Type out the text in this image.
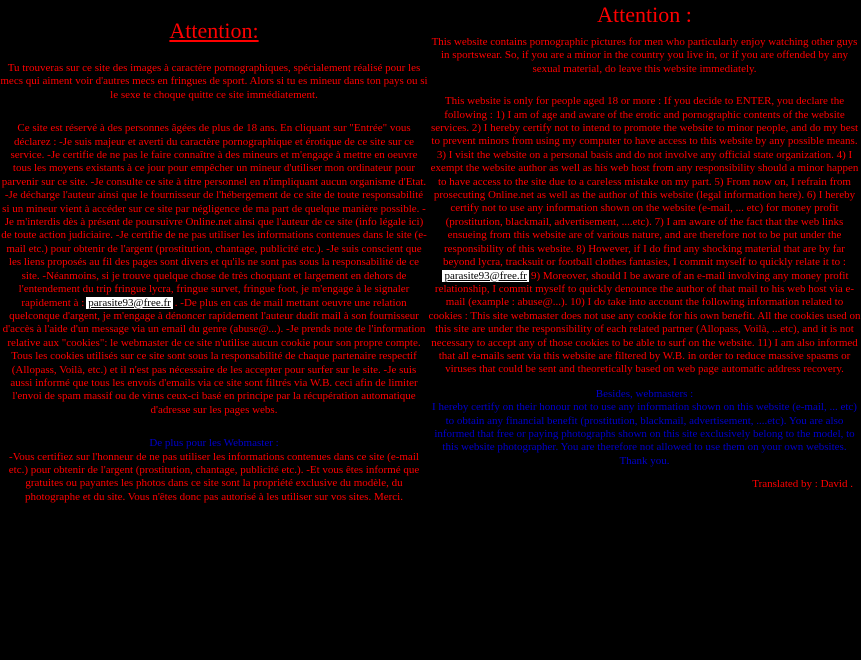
Attention:

Tu trouveras sur ce site des images à caractère pornographiques, spécialement réalisé pour les mecs qui aiment voir d'autres mecs en fringues de sport. Alors si tu es mineur dans ton pays ou si le sexe te choque quitte ce site immédiatement.

Ce site est réservé à des personnes âgées de plus de 18 ans. En cliquant sur "Entrée" vous déclarez : -Je suis majeur et averti du caractère pornographique et érotique de ce site sur ce service. -Je certifie de ne pas le faire connaître à des mineurs et m'engage à mettre en oeuvre tous les moyens existants à ce jour pour empêcher un mineur d'utiliser mon ordinateur pour parvenir sur ce site. -Je consulte ce site à titre personnel en n'impliquant aucun organisme d'Etat. -Je décharge l'auteur ainsi que le fournisseur de l'hébergement de ce site de toute responsabilité si un mineur vient à accéder sur ce site par négligence de ma part de quelque manière possible. -Je m'interdis dès à présent de poursuivre Online.net ainsi que l'auteur de ce site (info légale ici) de toute action judiciaire. -Je certifie de ne pas utiliser les informations contenues dans le site (e-mail etc.) pour obtenir de l'argent (prostitution, chantage, publicité etc.). -Je suis conscient que les liens proposés au fil des pages sont divers et qu'ils ne sont pas sous la responsabilité de ce site. -Néanmoins, si je trouve quelque chose de très choquant et largement en dehors de l'entendement du trip fringue lycra, fringue survet, fringue foot, je m'engage à le signaler rapidement à : parasite93@free.fr . -De plus en cas de mail mettant oeuvre une relation quelconque d'argent, je m'engage à dénoncer rapidement l'auteur dudit mail à son fournisseur d'accès à l'aide d'un message via un email du genre (abuse@...). -Je prends note de l'information relative aux "cookies": le webmaster de ce site n'utilise aucun cookie pour son propre compte. Tous les cookies utilisés sur ce site sont sous la responsabilité de chaque partenaire respectif (Allopass, Voilà, etc.) et il n'est pas nécessaire de les accepter pour surfer sur le site. -Je suis aussi informé que tous les envois d'emails via ce site sont filtrés via W.B. ceci afin de limiter l'envoi de spam massif ou de virus ceux-ci basé en principe par la récupération automatique d'adresse sur les pages webs.

De plus pour les Webmaster :

-Vous certifiez sur l'honneur de ne pas utiliser les informations contenues dans ce site (e-mail etc.) pour obtenir de l'argent (prostitution, chantage, publicité etc.). -Et vous êtes informé que gratuites ou payantes les photos dans ce site sont la propriété exclusive du modèle, du photographe et du site. Vous n'êtes donc pas autorisé à les utiliser sur vos sites. Merci.

Attention :

This website contains pornographic pictures for men who particularly enjoy watching other guys in sportswear. So, if you are a minor in the country you live in, or if you are offended by any sexual material, do leave this website immediately.

This website is only for people aged 18 or more : If you decide to ENTER, you declare the following : 1) I am of age and aware of the erotic and pornographic contents of the website services. 2) I hereby certify not to intend to promote the website to minor people, and do my best to prevent minors from using my computer to have access to this website by any possible means. 3) I visit the website on a personal basis and do not involve any official state organization. 4) I exempt the website author as well as his web host from any responsibility should a minor happen to have access to the site due to a careless mistake on my part. 5) From now on, I refrain from prosecuting Online.net as well as the author of this website (legal information here). 6) I hereby certify not to use any information shown on the website (e-mail, ... etc) for money profit (prostitution, blackmail, advertisement, ....etc). 7) I am aware of the fact that the web links ensueing from this website are of various nature, and are therefore not to be put under the responsibility of this website. 8) However, if I do find any shocking material that are by far beyond lycra, tracksuit or football clothes fantasies, I commit myself to quickly relate it to :parasite93@free.fr 9) Moreover, should I be aware of an e-mail involving any money profit relationship, I commit myself to quickly denounce the author of that mail to his web host via e-mail (example : abuse@...). 10) I do take into account the following information related to cookies : This site webmaster does not use any cookie for his own benefit. All the cookies used on this site are under the responsibility of each related partner (Allopass, Voilà, ...etc), and it is not necessary to accept any of those cookies to be able to surf on the website. 11) I am also informed that all e-mails sent via this website are filtered by W.B. in order to reduce massive spasms or viruses that could be sent and theoretically based on web page automatic address recovery.

Besides, webmasters :

I hereby certify on their honour not to use any information shown on this website (e-mail, ... etc) to obtain any financial benefit (prostitution, blackmail, advertisement, ....etc). You are also informed that free or paying photographs shown on this site exclusively belong to the model, to this website photographer. You are therefore not allowed to use them on your own websites. Thank you.

Translated by : David .
